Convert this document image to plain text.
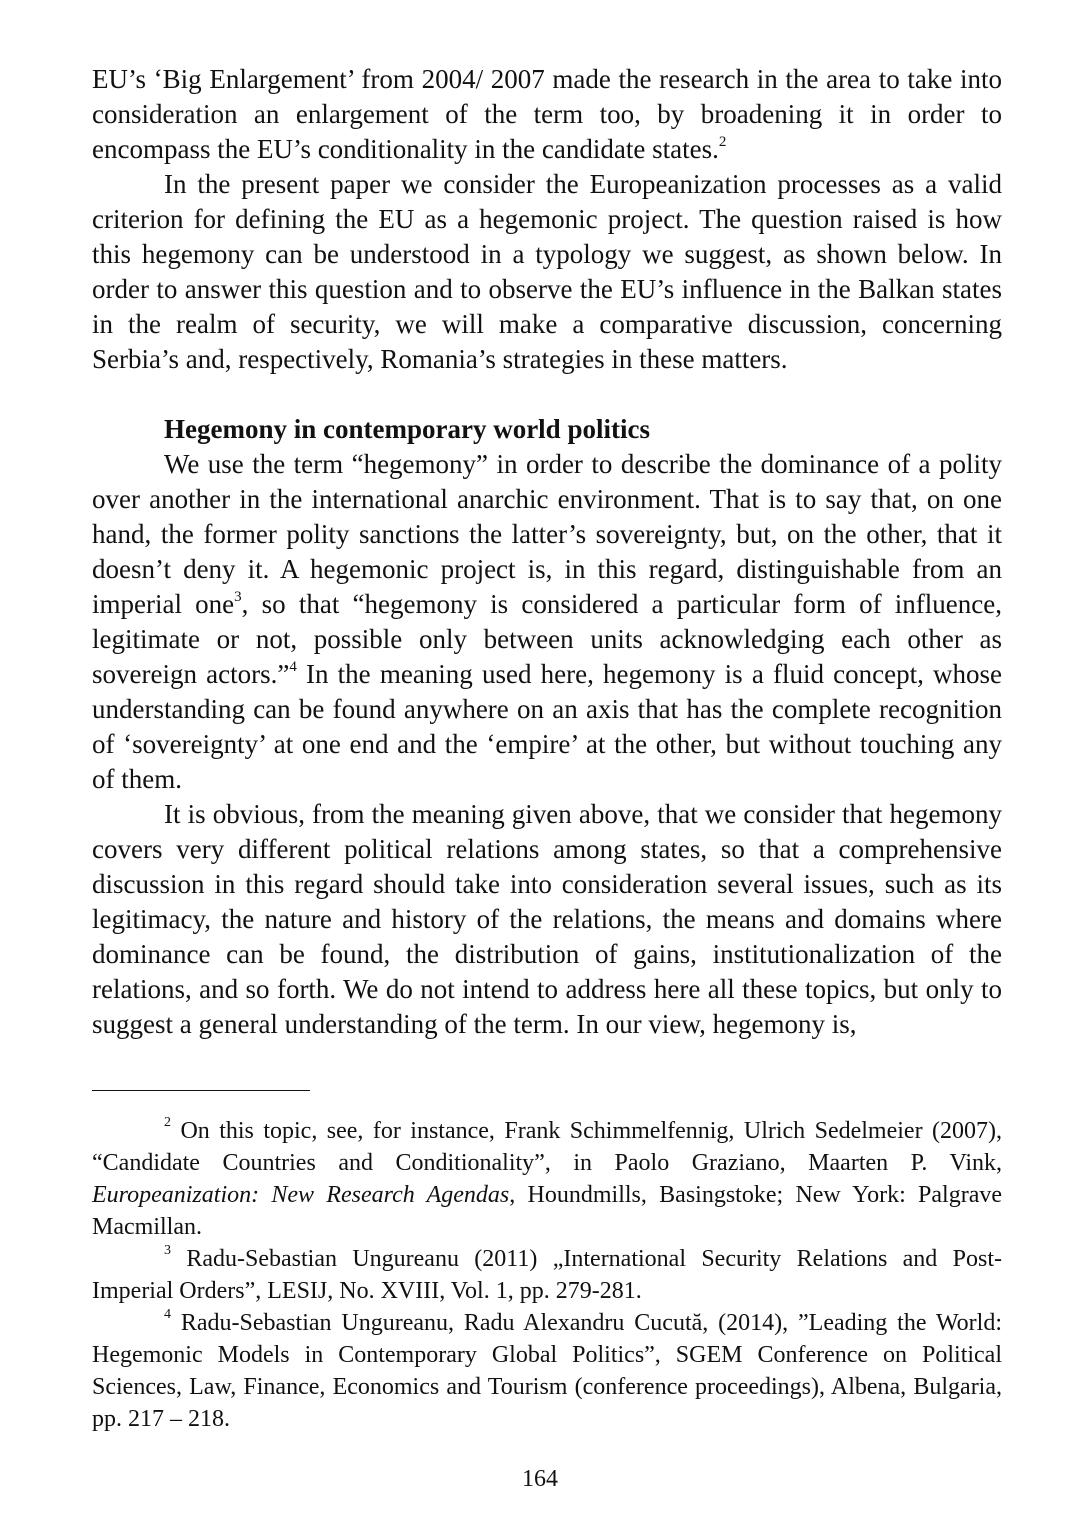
EU’s ‘Big Enlargement’ from 2004/ 2007 made the research in the area to take into consideration an enlargement of the term too, by broadening it in order to encompass the EU’s conditionality in the candidate states.$^2$

In the present paper we consider the Europeanization processes as a valid criterion for defining the EU as a hegemonic project. The question raised is how this hegemony can be understood in a typology we suggest, as shown below. In order to answer this question and to observe the EU’s influence in the Balkan states in the realm of security, we will make a comparative discussion, concerning Serbia’s and, respectively, Romania’s strategies in these matters.

Hegemony in contemporary world politics

We use the term “hegemony” in order to describe the dominance of a polity over another in the international anarchic environment. That is to say that, on one hand, the former polity sanctions the latter’s sovereignty, but, on the other, that it doesn’t deny it. A hegemonic project is, in this regard, distinguishable from an imperial one$^3$, so that “hegemony is considered a particular form of influence, legitimate or not, possible only between units acknowledging each other as sovereign actors.”$^4$ In the meaning used here, hegemony is a fluid concept, whose understanding can be found anywhere on an axis that has the complete recognition of ‘sovereignty’ at one end and the ‘empire’ at the other, but without touching any of them.

It is obvious, from the meaning given above, that we consider that hegemony covers very different political relations among states, so that a comprehensive discussion in this regard should take into consideration several issues, such as its legitimacy, the nature and history of the relations, the means and domains where dominance can be found, the distribution of gains, institutionalization of the relations, and so forth. We do not intend to address here all these topics, but only to suggest a general understanding of the term. In our view, hegemony is,

$^2$ On this topic, see, for instance, Frank Schimmelfennig, Ulrich Sedelmeier (2007), “Candidate Countries and Conditionality”, in Paolo Graziano, Maarten P. Vink, Europeanization: New Research Agendas, Houndmills, Basingstoke; New York: Palgrave Macmillan.

$^3$ Radu-Sebastian Ungureanu (2011) „International Security Relations and Post-Imperial Orders”, LESIJ, No. XVIII, Vol. 1, pp. 279-281.

$^4$ Radu-Sebastian Ungureanu, Radu Alexandru Cucută, (2014), ”Leading the World: Hegemonic Models in Contemporary Global Politics”, SGEM Conference on Political Sciences, Law, Finance, Economics and Tourism (conference proceedings), Albena, Bulgaria, pp. 217 – 218.

164
